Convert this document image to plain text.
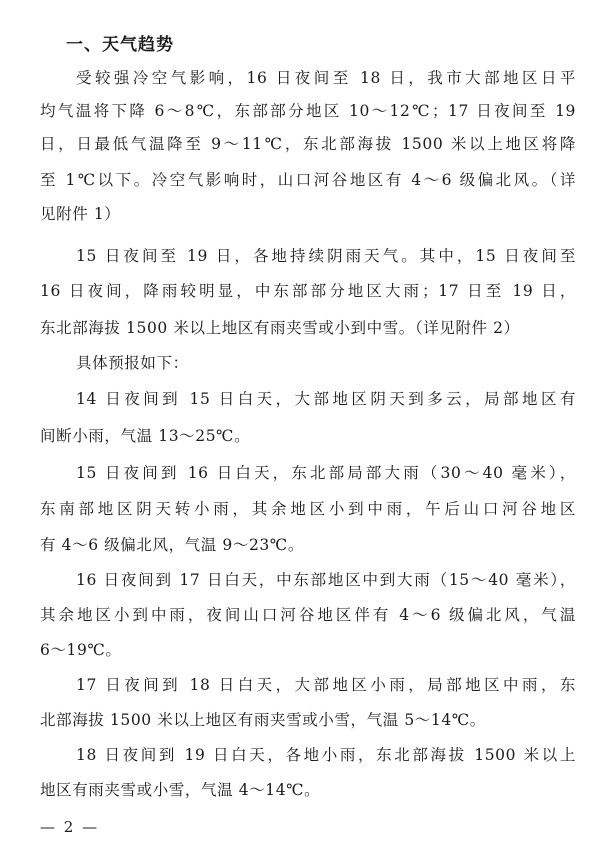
一、天气趋势
受较强冷空气影响，16 日夜间至 18 日，我市大部地区日平
均气温将下降 6～8℃，东部部分地区 10～12℃；17 日夜间至 19
日，日最低气温降至 9～11℃，东北部海拔 1500 米以上地区将降
至 1℃以下。冷空气影响时，山口河谷地区有 4～6 级偏北风。（详
见附件 1）
15 日夜间至 19 日，各地持续阴雨天气。其中，15 日夜间至
16 日夜间，降雨较明显，中东部部分地区大雨；17 日至 19 日，
东北部海拔 1500 米以上地区有雨夹雪或小到中雪。（详见附件 2）
具体预报如下：
14 日夜间到 15 日白天，大部地区阴天到多云，局部地区有
间断小雨，气温 13～25℃。
15 日夜间到 16 日白天，东北部局部大雨（30～40 毫米），
东南部地区阴天转小雨，其余地区小到中雨，午后山口河谷地区
有 4～6 级偏北风，气温 9～23℃。
16 日夜间到 17 日白天，中东部地区中到大雨（15～40 毫米），
其余地区小到中雨，夜间山口河谷地区伴有 4～6 级偏北风，气温
6～19℃。
17 日夜间到 18 日白天，大部地区小雨，局部地区中雨，东
北部海拔 1500 米以上地区有雨夹雪或小雪，气温 5～14℃。
18 日夜间到 19 日白天，各地小雨，东北部海拔 1500 米以上
地区有雨夹雪或小雪，气温 4～14℃。
— 2 —
